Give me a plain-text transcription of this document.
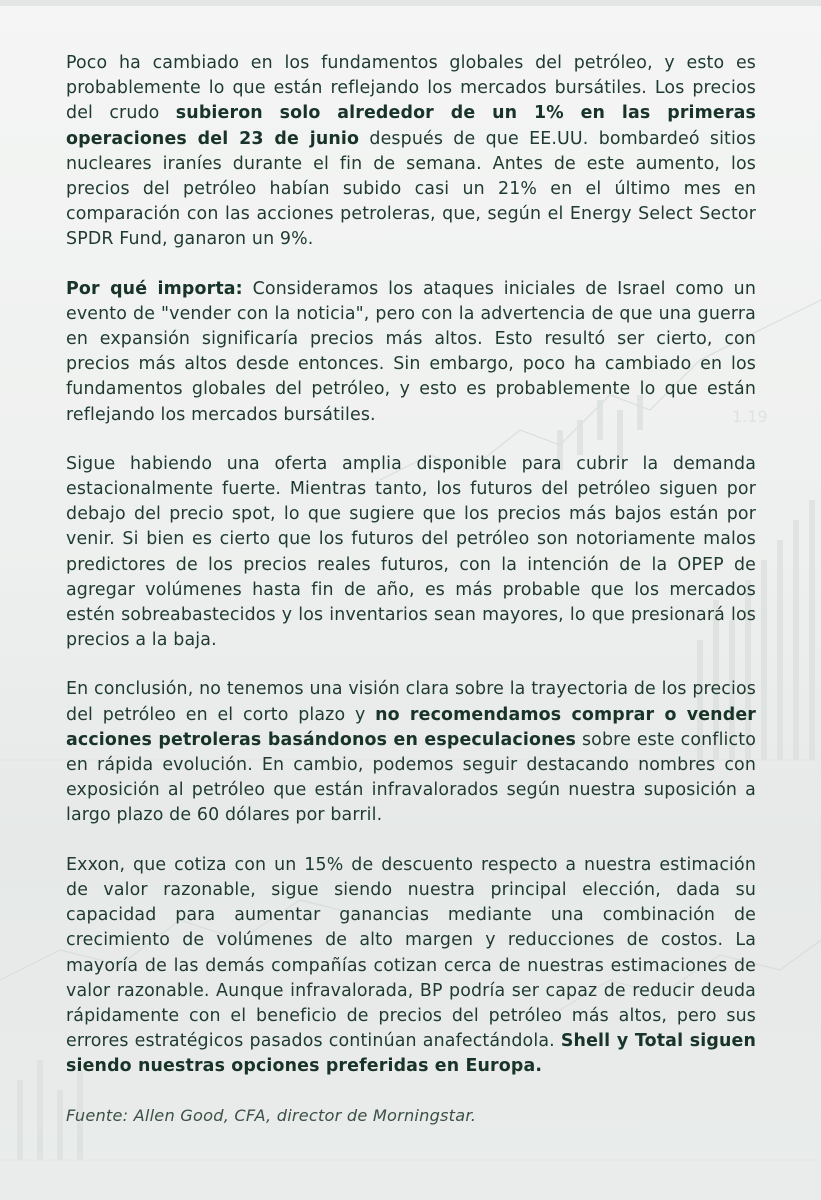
1.19

Poco ha cambiado en los fundamentos globales del petróleo, y esto es probablemente lo que están reflejando los mercados bursátiles. Los precios del crudo subieron solo alrededor de un 1% en las primeras operaciones del 23 de junio después de que EE.UU. bombardeó sitios nucleares iraníes durante el fin de semana. Antes de este aumento, los precios del petróleo habían subido casi un 21% en el último mes en comparación con las acciones petroleras, que, según el Energy Select Sector SPDR Fund, ganaron un 9%.

Por qué importa: Consideramos los ataques iniciales de Israel como un evento de "vender con la noticia", pero con la advertencia de que una guerra en expansión significaría precios más altos. Esto resultó ser cierto, con precios más altos desde entonces. Sin embargo, poco ha cambiado en los fundamentos globales del petróleo, y esto es probablemente lo que están reflejando los mercados bursátiles.

Sigue habiendo una oferta amplia disponible para cubrir la demanda estacionalmente fuerte. Mientras tanto, los futuros del petróleo siguen por debajo del precio spot, lo que sugiere que los precios más bajos están por venir. Si bien es cierto que los futuros del petróleo son notoriamente malos predictores de los precios reales futuros, con la intención de la OPEP de agregar volúmenes hasta fin de año, es más probable que los mercados estén sobreabastecidos y los inventarios sean mayores, lo que presionará los precios a la baja.

En conclusión, no tenemos una visión clara sobre la trayectoria de los precios del petróleo en el corto plazo y no recomendamos comprar o vender acciones petroleras basándonos en especulaciones sobre este conflicto en rápida evolución. En cambio, podemos seguir destacando nombres con exposición al petróleo que están infravalorados según nuestra suposición a largo plazo de 60 dólares por barril.

Exxon, que cotiza con un 15% de descuento respecto a nuestra estimación de valor razonable, sigue siendo nuestra principal elección, dada su capacidad para aumentar ganancias mediante una combinación de crecimiento de volúmenes de alto margen y reducciones de costos. La mayoría de las demás compañías cotizan cerca de nuestras estimaciones de valor razonable. Aunque infravalorada, BP podría ser capaz de reducir deuda rápidamente con el beneficio de precios del petróleo más altos, pero sus errores estratégicos pasados continúan anafectándola. Shell y Total siguen siendo nuestras opciones preferidas en Europa.

Fuente: Allen Good, CFA, director de Morningstar.
